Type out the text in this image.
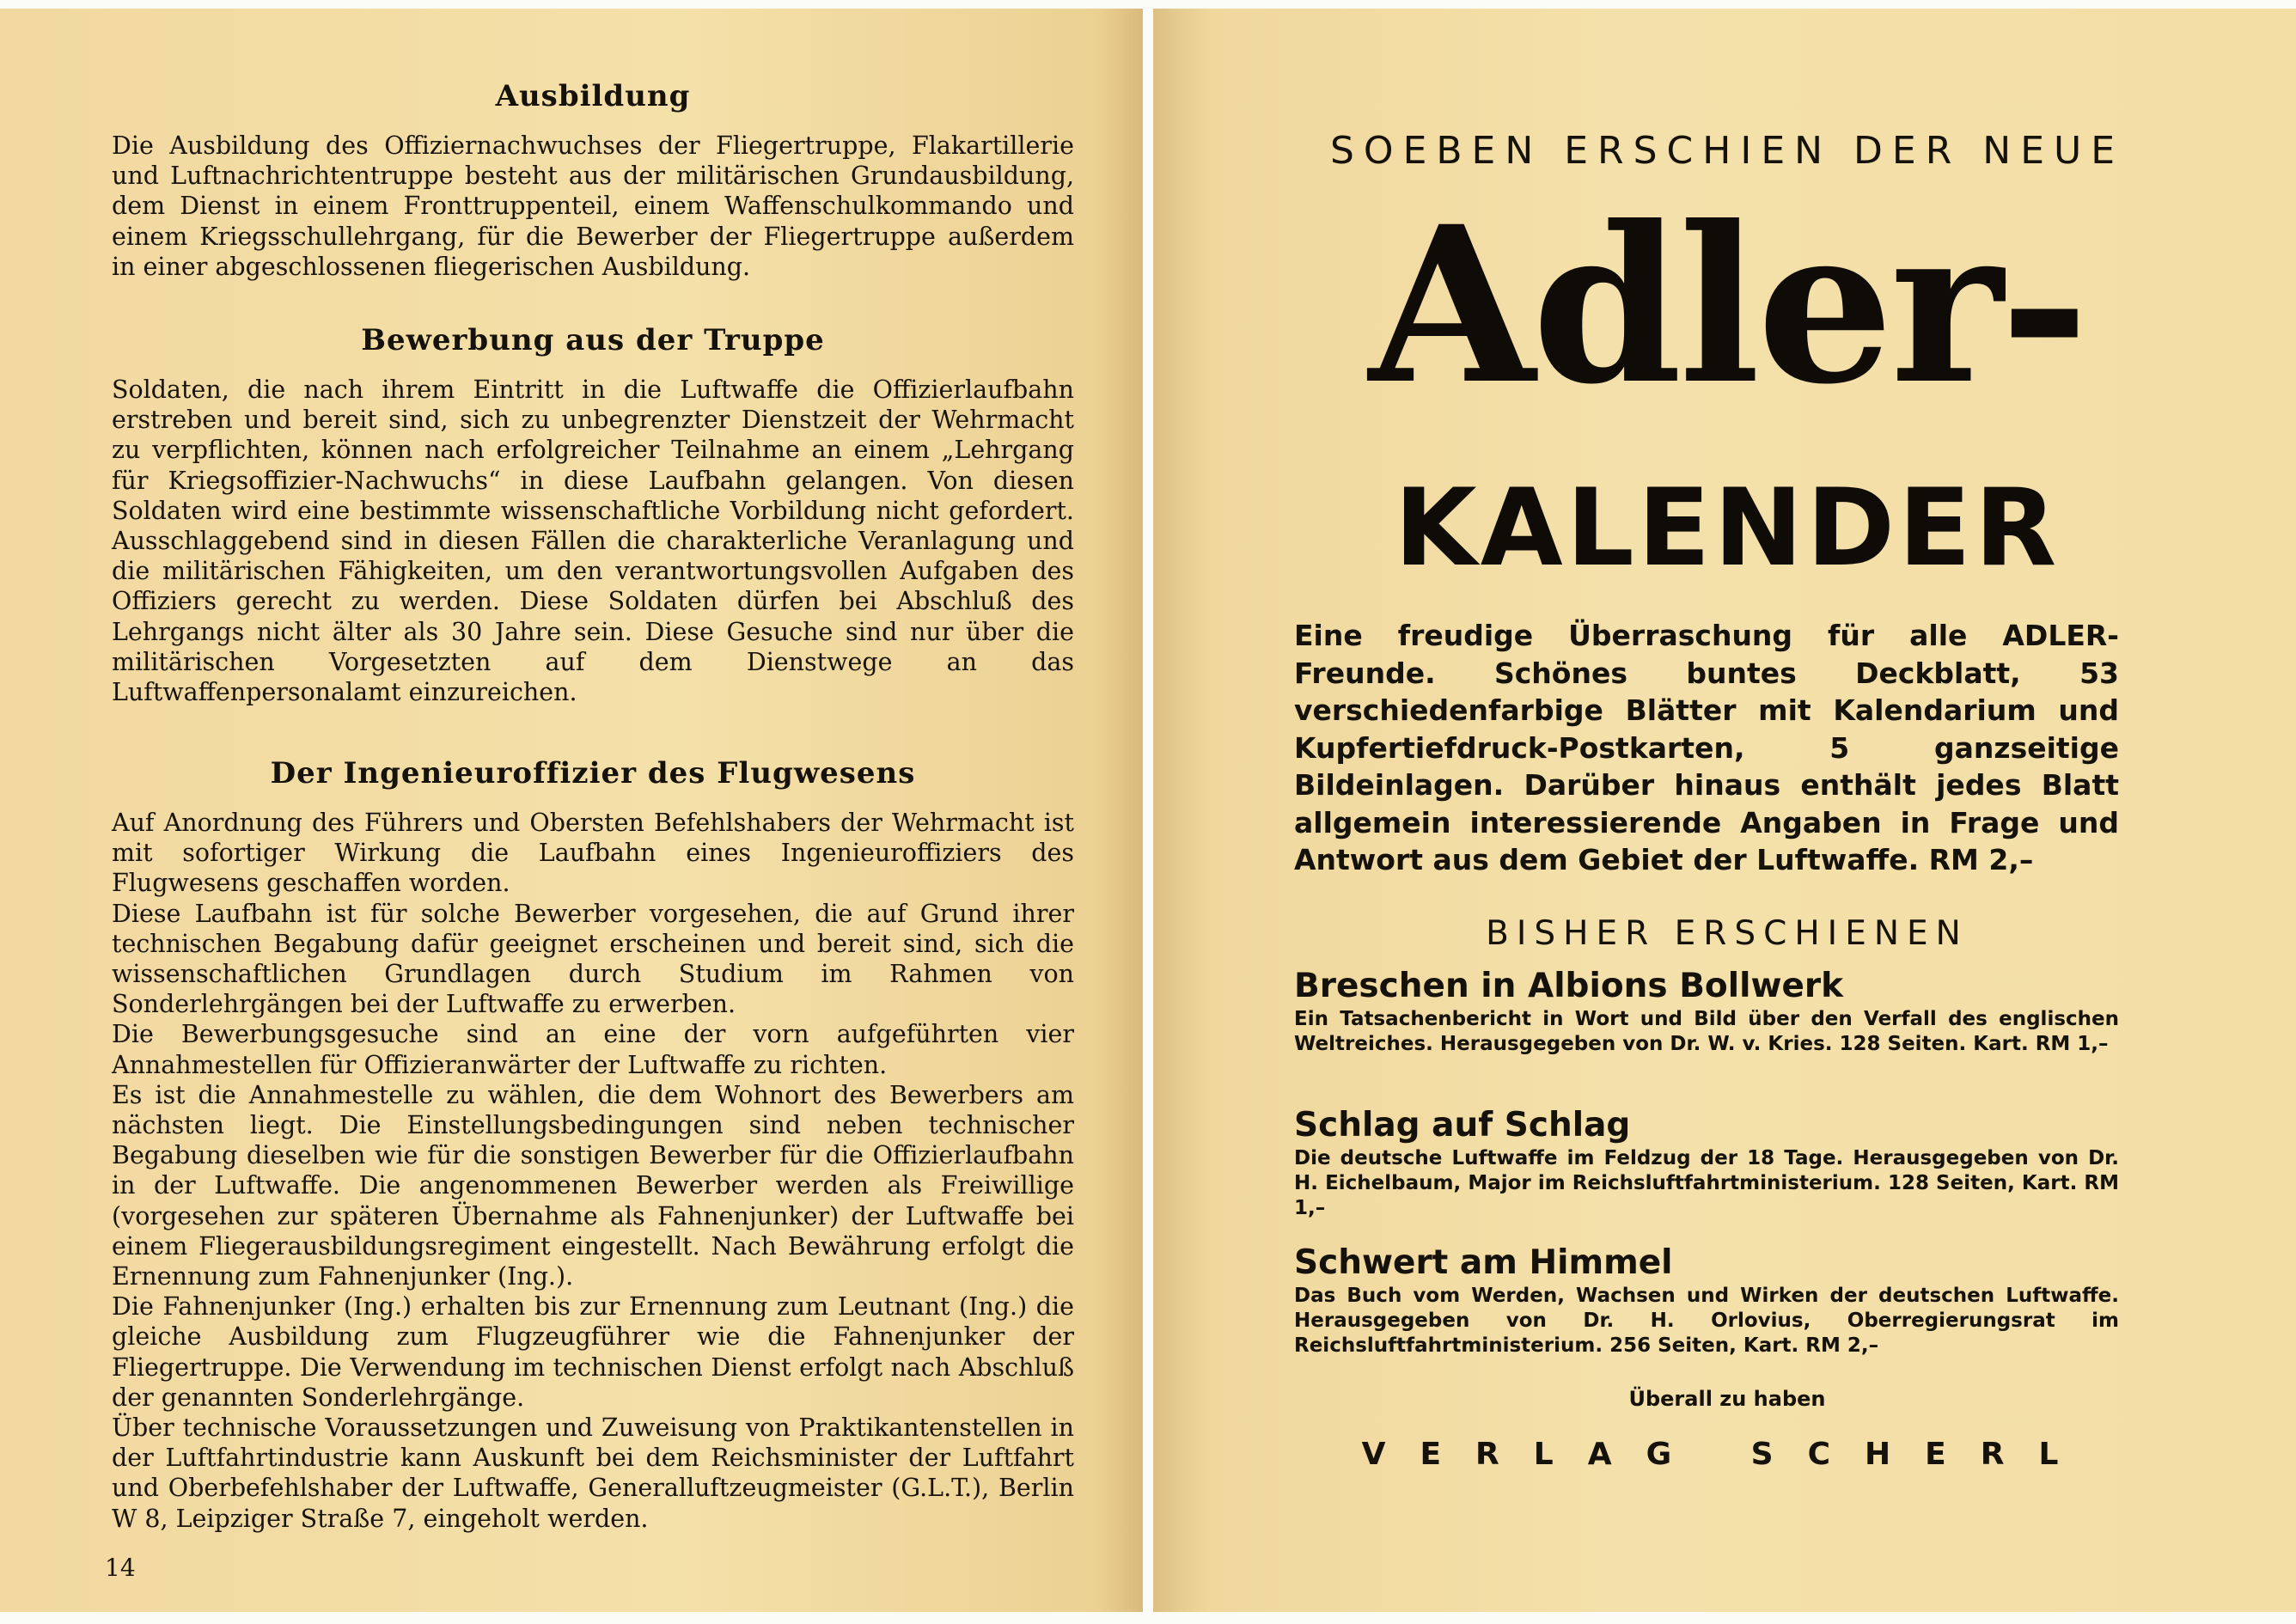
Ausbildung

Die Ausbildung des Offiziernachwuchses der Fliegertruppe, Flakartillerie und Luftnachrichtentruppe besteht aus der militärischen Grundausbildung, dem Dienst in einem Fronttruppenteil, einem Waffenschulkommando und einem Kriegsschullehrgang, für die Bewerber der Fliegertruppe außerdem in einer abgeschlossenen fliegerischen Ausbildung.

Bewerbung aus der Truppe

Soldaten, die nach ihrem Eintritt in die Luftwaffe die Offizierlaufbahn erstreben und bereit sind, sich zu unbegrenzter Dienstzeit der Wehrmacht zu verpflichten, können nach erfolgreicher Teilnahme an einem „Lehrgang für Kriegsoffizier-Nachwuchs“ in diese Laufbahn gelangen. Von diesen Soldaten wird eine bestimmte wissenschaftliche Vorbildung nicht gefordert. Ausschlaggebend sind in diesen Fällen die charakterliche Veranlagung und die militärischen Fähigkeiten, um den verantwortungsvollen Aufgaben des Offiziers gerecht zu werden. Diese Soldaten dürfen bei Abschluß des Lehrgangs nicht älter als 30 Jahre sein. Diese Gesuche sind nur über die militärischen Vorgesetzten auf dem Dienstwege an das Luftwaffenpersonalamt einzureichen.

Der Ingenieuroffizier des Flugwesens

Auf Anordnung des Führers und Obersten Befehlshabers der Wehrmacht ist mit sofortiger Wirkung die Laufbahn eines Ingenieuroffiziers des Flugwesens geschaffen worden.

Diese Laufbahn ist für solche Bewerber vorgesehen, die auf Grund ihrer technischen Begabung dafür geeignet erscheinen und bereit sind, sich die wissenschaftlichen Grundlagen durch Studium im Rahmen von Sonderlehrgängen bei der Luftwaffe zu erwerben.

Die Bewerbungsgesuche sind an eine der vorn aufgeführten vier Annahmestellen für Offizieranwärter der Luftwaffe zu richten.

Es ist die Annahmestelle zu wählen, die dem Wohnort des Bewerbers am nächsten liegt. Die Einstellungsbedingungen sind neben technischer Begabung dieselben wie für die sonstigen Bewerber für die Offizierlaufbahn in der Luftwaffe. Die angenommenen Bewerber werden als Freiwillige (vorgesehen zur späteren Übernahme als Fahnenjunker) der Luftwaffe bei einem Fliegerausbildungsregiment eingestellt. Nach Bewährung erfolgt die Ernennung zum Fahnenjunker (Ing.).

Die Fahnenjunker (Ing.) erhalten bis zur Ernennung zum Leutnant (Ing.) die gleiche Ausbildung zum Flugzeugführer wie die Fahnenjunker der Fliegertruppe. Die Verwendung im technischen Dienst erfolgt nach Abschluß der genannten Sonderlehrgänge.

Über technische Voraussetzungen und Zuweisung von Praktikantenstellen in der Luftfahrtindustrie kann Auskunft bei dem Reichsminister der Luftfahrt und Oberbefehlshaber der Luftwaffe, Generalluftzeugmeister (G.L.T.), Berlin W 8, Leipziger Straße 7, eingeholt werden.

14
SOEBEN ERSCHIEN DER NEUE
Adler-
KALENDER
Eine freudige Überraschung für alle ADLER-Freunde. Schönes buntes Deckblatt, 53 verschiedenfarbige Blätter mit Kalendarium und Kupfertiefdruck-Postkarten, 5 ganzseitige Bildeinlagen. Darüber hinaus enthält jedes Blatt allgemein interessierende Angaben in Frage und Antwort aus dem Gebiet der Luftwaffe. RM 2,–
BISHER ERSCHIENEN
Breschen in Albions Bollwerk
Ein Tatsachenbericht in Wort und Bild über den Verfall des englischen Weltreiches. Herausgegeben von Dr. W. v. Kries. 128 Seiten. Kart. RM 1,–
Schlag auf Schlag
Die deutsche Luftwaffe im Feldzug der 18 Tage. Herausgegeben von Dr. H. Eichelbaum, Major im Reichsluftfahrtministerium. 128 Seiten, Kart. RM 1,–
Schwert am Himmel
Das Buch vom Werden, Wachsen und Wirken der deutschen Luftwaffe. Herausgegeben von Dr. H. Orlovius, Oberregierungsrat im Reichsluftfahrtministerium. 256 Seiten, Kart. RM 2,–
Überall zu haben
VERLAG SCHERL
